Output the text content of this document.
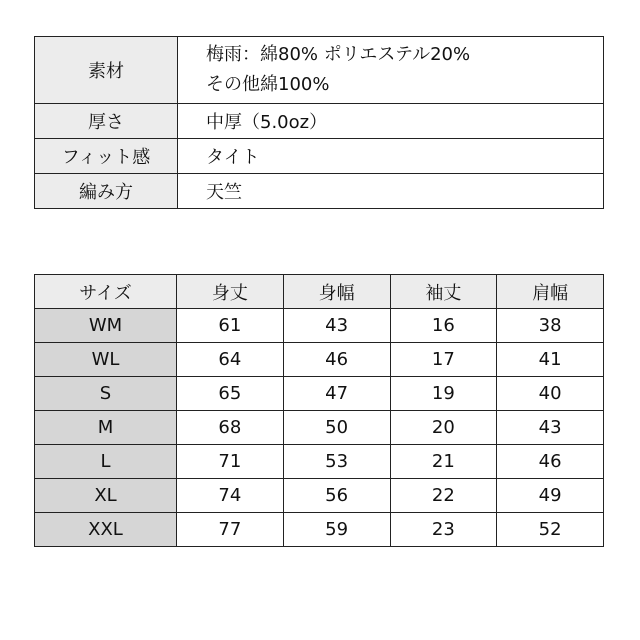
素材	梅雨：綿80% ポリエステル20%
その他綿100%

厚さ	中厚（5.0oz）
フィット感	タイト
編み方	天竺
サイズ	身丈	身幅	袖丈	肩幅
WM	61	43	16	38
WL	64	46	17	41
S	65	47	19	40
M	68	50	20	43
L	71	53	21	46
XL	74	56	22	49
XXL	77	59	23	52
